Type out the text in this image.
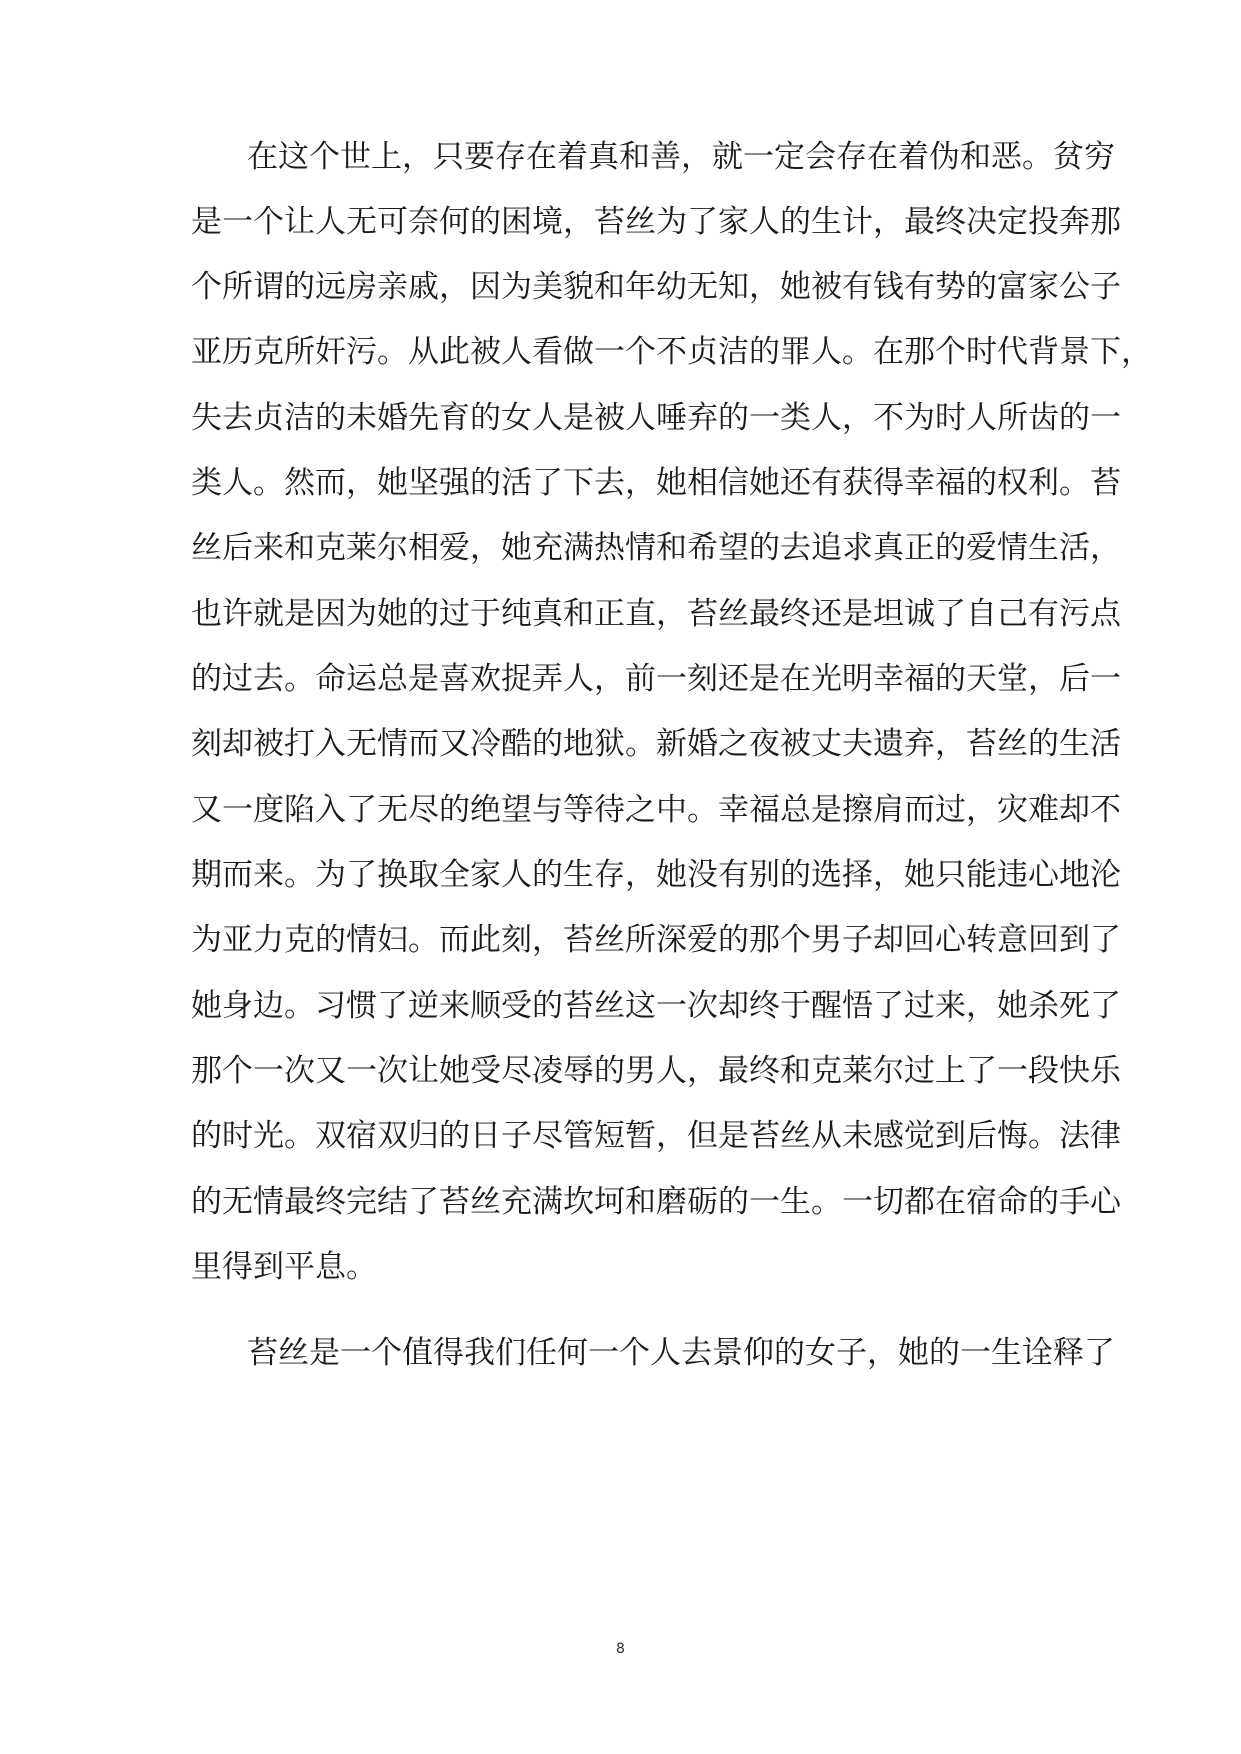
在这个世上，只要存在着真和善，就一定会存在着伪和恶。贫穷
是一个让人无可奈何的困境，苔丝为了家人的生计，最终决定投奔那
个所谓的远房亲戚，因为美貌和年幼无知，她被有钱有势的富家公子
亚历克所奸污。从此被人看做一个不贞洁的罪人。在那个时代背景下，
失去贞洁的未婚先育的女人是被人唾弃的一类人，不为时人所齿的一
类人。然而，她坚强的活了下去，她相信她还有获得幸福的权利。苔
丝后来和克莱尔相爱，她充满热情和希望的去追求真正的爱情生活，
也许就是因为她的过于纯真和正直，苔丝最终还是坦诚了自己有污点
的过去。命运总是喜欢捉弄人，前一刻还是在光明幸福的天堂，后一
刻却被打入无情而又冷酷的地狱。新婚之夜被丈夫遗弃，苔丝的生活
又一度陷入了无尽的绝望与等待之中。幸福总是擦肩而过，灾难却不
期而来。为了换取全家人的生存，她没有别的选择，她只能违心地沦
为亚力克的情妇。而此刻，苔丝所深爱的那个男子却回心转意回到了
她身边。习惯了逆来顺受的苔丝这一次却终于醒悟了过来，她杀死了
那个一次又一次让她受尽凌辱的男人，最终和克莱尔过上了一段快乐
的时光。双宿双归的日子尽管短暂，但是苔丝从未感觉到后悔。法律
的无情最终完结了苔丝充满坎坷和磨砺的一生。一切都在宿命的手心
里得到平息。
苔丝是一个值得我们任何一个人去景仰的女子，她的一生诠释了
8
